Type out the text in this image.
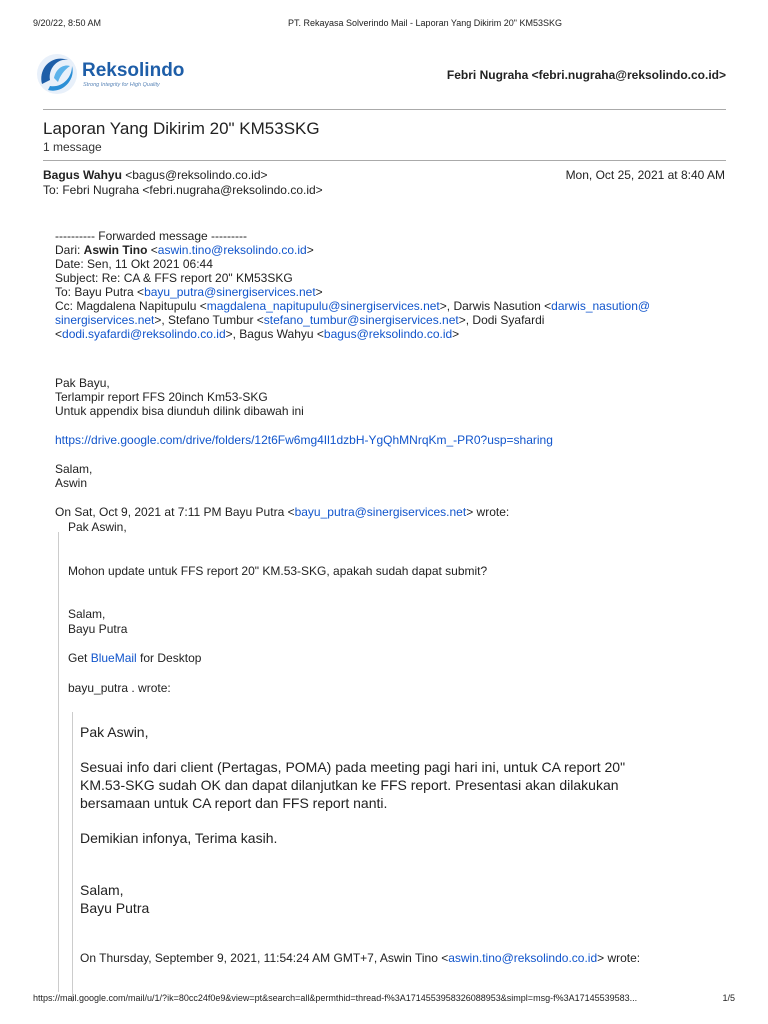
9/20/22, 8:50 AM	PT. Rekayasa Solverindo Mail - Laporan Yang Dikirim 20" KM53SKG
Reksolindo
Strong Integrity for High Quality
Febri Nugraha <febri.nugraha@reksolindo.co.id>
Laporan Yang Dikirim 20" KM53SKG
1 message
Bagus Wahyu <bagus@reksolindo.co.id>	Mon, Oct 25, 2021 at 8:40 AM
To: Febri Nugraha <febri.nugraha@reksolindo.co.id>
---------- Forwarded message ---------
Dari: Aswin Tino <aswin.tino@reksolindo.co.id>
Date: Sen, 11 Okt 2021 06:44
Subject: Re: CA & FFS report 20" KM53SKG
To: Bayu Putra <bayu_putra@sinergiservices.net>
Cc: Magdalena Napitupulu <magdalena_napitupulu@sinergiservices.net>, Darwis Nasution <darwis_nasution@
sinergiservices.net>, Stefano Tumbur <stefano_tumbur@sinergiservices.net>, Dodi Syafardi
<dodi.syafardi@reksolindo.co.id>, Bagus Wahyu <bagus@reksolindo.co.id>
Pak Bayu,
Terlampir report FFS 20inch Km53-SKG
Untuk appendix bisa diunduh dilink dibawah ini
https://drive.google.com/drive/folders/12t6Fw6mg4Il1dzbH-YgQhMNrqKm_-PR0?usp=sharing
Salam,
Aswin
On Sat, Oct 9, 2021 at 7:11 PM Bayu Putra <bayu_putra@sinergiservices.net> wrote:
Pak Aswin,
Mohon update untuk FFS report 20" KM.53-SKG, apakah sudah dapat submit?
Salam,
Bayu Putra
Get BlueMail for Desktop
bayu_putra . wrote:
Pak Aswin,
Sesuai info dari client (Pertagas, POMA) pada meeting pagi hari ini, untuk CA report 20"
KM.53-SKG sudah OK dan dapat dilanjutkan ke FFS report. Presentasi akan dilakukan
bersamaan untuk CA report dan FFS report nanti.
Demikian infonya, Terima kasih.
Salam,
Bayu Putra
On Thursday, September 9, 2021, 11:54:24 AM GMT+7, Aswin Tino <aswin.tino@reksolindo.co.id> wrote:
https://mail.google.com/mail/u/1/?ik=80cc24f0e9&view=pt&search=all&permthid=thread-f%3A1714553958326088953&simpl=msg-f%3A17145539583...	1/5
